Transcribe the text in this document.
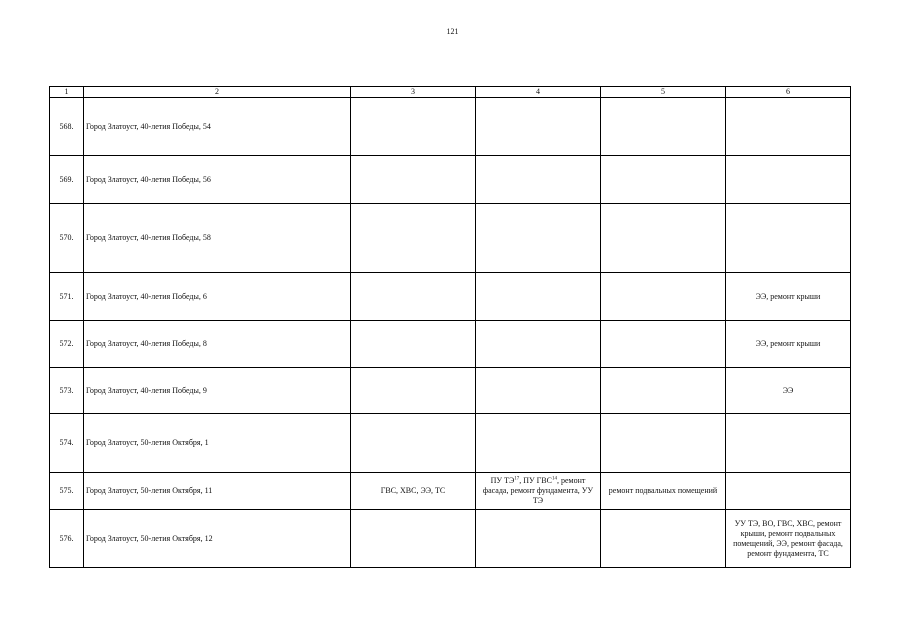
121
1	2	3	4	5	6
568.	Город Златоуст, 40-летия Победы, 54				
569.	Город Златоуст, 40-летия Победы, 56				
570.	Город Златоуст, 40-летия Победы, 58				
571.	Город Златоуст, 40-летия Победы, 6				ЭЭ, ремонт крыши
572.	Город Златоуст, 40-летия Победы, 8				ЭЭ, ремонт крыши
573.	Город Златоуст, 40-летия Победы, 9				ЭЭ
574.	Город Златоуст, 50-летия Октября, 1				
575.	Город Златоуст, 50-летия Октября, 11	ГВС, ХВС, ЭЭ, ТС	ПУ ТЭ$^{17}$, ПУ ГВС$^{14}$, ремонт фасада, ремонт фундамента, УУ ТЭ	ремонт подвальных помещений	
576.	Город Златоуст, 50-летия Октября, 12				УУ ТЭ, ВО, ГВС, ХВС, ремонт крыши, ремонт подвальных помещений, ЭЭ, ремонт фасада, ремонт фундамента, ТС
